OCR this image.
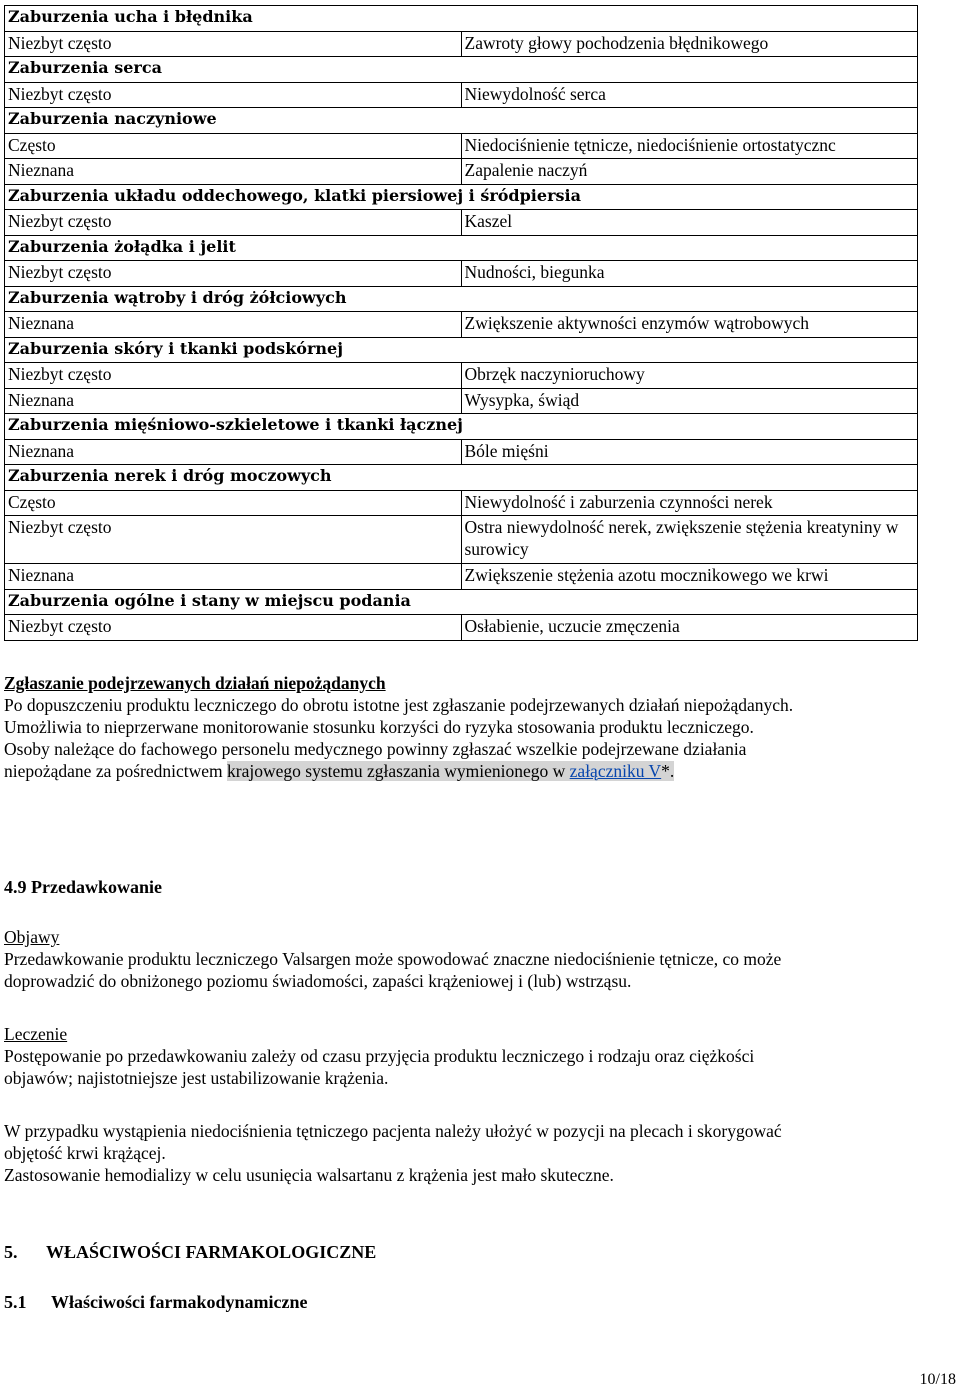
Zaburzenia ucha i błędnika	
Niezbyt często	Zawroty głowy pochodzenia błędnikowego
Zaburzenia serca	
Niezbyt często	Niewydolność serca
Zaburzenia naczyniowe	
Często	Niedociśnienie tętnicze, niedociśnienie ortostatycznc
Nieznana	Zapalenie naczyń
Zaburzenia układu oddechowego, klatki piersiowej i śródpiersia	
Niezbyt często	Kaszel
Zaburzenia żołądka i jelit	
Niezbyt często	Nudności, biegunka
Zaburzenia wątroby i dróg żółciowych	
Nieznana	Zwiększenie aktywności enzymów wątrobowych
Zaburzenia skóry i tkanki podskórnej	
Niezbyt często	Obrzęk naczynioruchowy
Nieznana	Wysypka, świąd
Zaburzenia mięśniowo-szkieletowe i tkanki łącznej	
Nieznana	Bóle mięśni
Zaburzenia nerek i dróg moczowych	
Często	Niewydolność i zaburzenia czynności nerek
Niezbyt często	Ostra niewydolność nerek, zwiększenie stężenia kreatyniny w surowicy
Nieznana	Zwiększenie stężenia azotu mocznikowego we krwi
Zaburzenia ogólne i stany w miejscu podania	
Niezbyt często	Osłabienie, uczucie zmęczenia

Zgłaszanie podejrzewanych działań niepożądanych

Po dopuszczeniu produktu leczniczego do obrotu istotne jest zgłaszanie podejrzewanych działań niepożądanych.

Umożliwia to nieprzerwane monitorowanie stosunku korzyści do ryzyka stosowania produktu leczniczego.

Osoby należące do fachowego personelu medycznego powinny zgłaszać wszelkie podejrzewane działania

niepożądane za pośrednictwem krajowego systemu zgłaszania wymienionego w załączniku V*.

4.9 Przedawkowanie

Objawy

Przedawkowanie produktu leczniczego Valsargen może spowodować znaczne niedociśnienie tętnicze, co może

doprowadzić do obniżonego poziomu świadomości, zapaści krążeniowej i (lub) wstrząsu.

Leczenie

Postępowanie po przedawkowaniu zależy od czasu przyjęcia produktu leczniczego i rodzaju oraz ciężkości

objawów; najistotniejsze jest ustabilizowanie krążenia.

W przypadku wystąpienia niedociśnienia tętniczego pacjenta należy ułożyć w pozycji na plecach i skorygować

objętość krwi krążącej.

Zastosowanie hemodializy w celu usunięcia walsartanu z krążenia jest mało skuteczne.

5. WŁAŚCIWOŚCI FARMAKOLOGICZNE
5.1 Właściwości farmakodynamiczne
10/18
